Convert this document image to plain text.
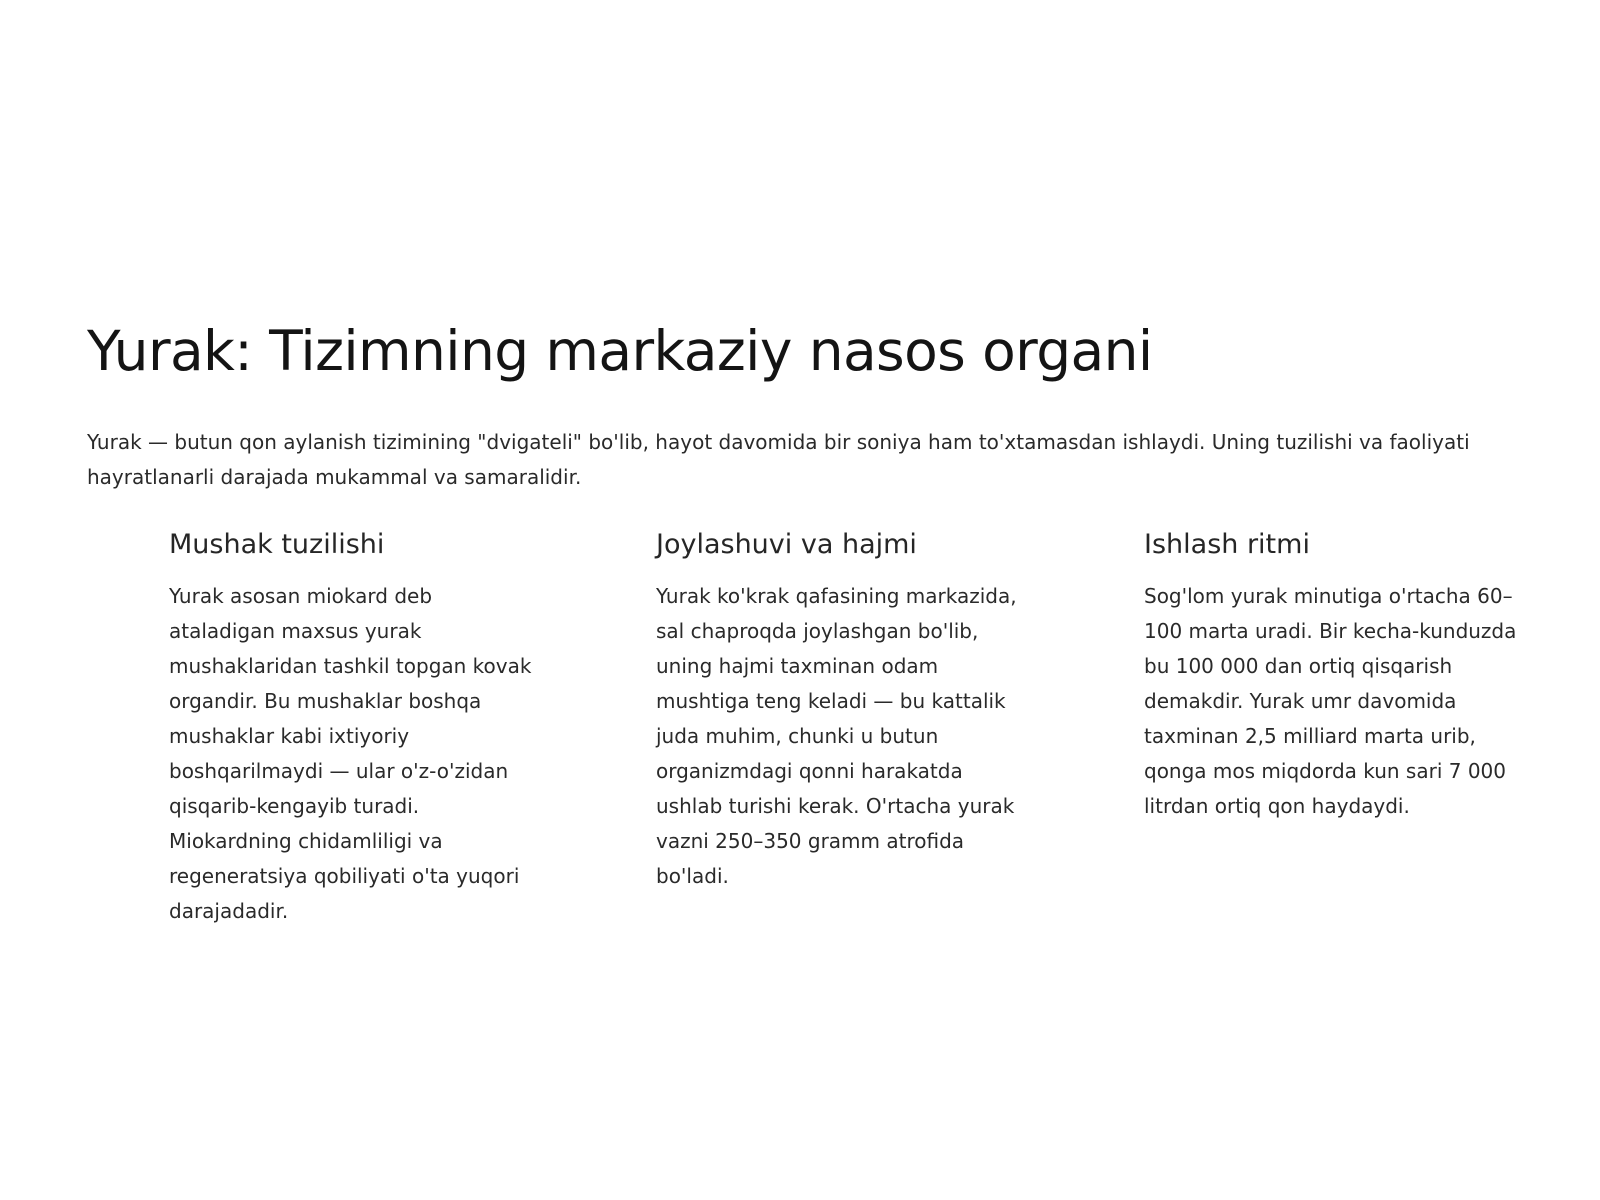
Yurak: Tizimning markaziy nasos organi

Yurak — butun qon aylanish tizimining "dvigateli" bo'lib, hayot davomida bir soniya ham to'xtamasdan ishlaydi. Uning tuzilishi va faoliyati hayratlanarli darajada mukammal va samaralidir.

Mushak tuzilishi

Yurak asosan miokard deb ataladigan maxsus yurak mushaklaridan tashkil topgan kovak organdir. Bu mushaklar boshqa mushaklar kabi ixtiyoriy boshqarilmaydi — ular o'z-o'zidan qisqarib-kengayib turadi. Miokardning chidamliligi va regeneratsiya qobiliyati o'ta yuqori darajadadir.

Joylashuvi va hajmi

Yurak ko'krak qafasining markazida, sal chaproqda joylashgan bo'lib, uning hajmi taxminan odam mushtiga teng keladi — bu kattalik juda muhim, chunki u butun organizmdagi qonni harakatda ushlab turishi kerak. O'rtacha yurak vazni 250–350 gramm atrofida bo'ladi.

Ishlash ritmi

Sog'lom yurak minutiga o'rtacha 60–100 marta uradi. Bir kecha-kunduzda bu 100 000 dan ortiq qisqarish demakdir. Yurak umr davomida taxminan 2,5 milliard marta urib, qonga mos miqdorda kun sari 7 000 litrdan ortiq qon haydaydi.
